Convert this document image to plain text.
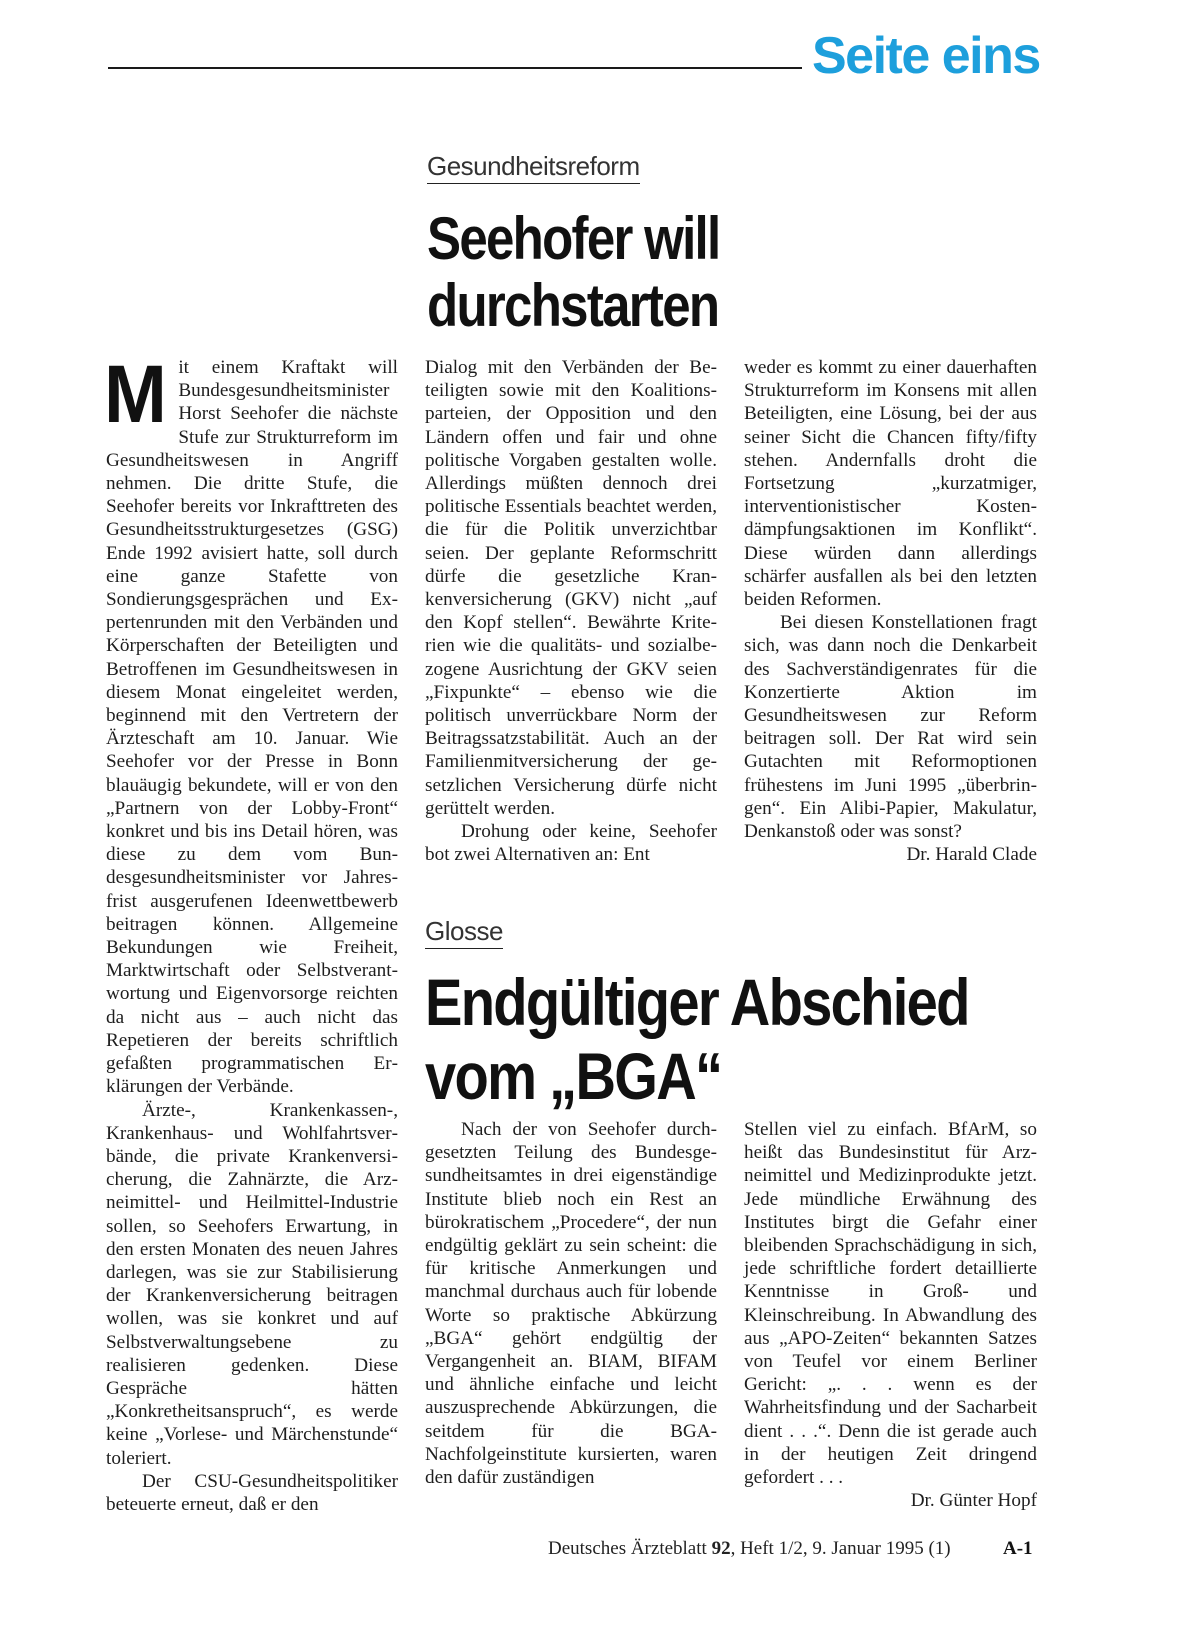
Seite eins
Gesundheitsreform
Seehofer will
durchstarten

Mit einem Kraftakt will Bundesgesundheitsminister Horst Seehofer die nächste Stufe zur Strukturreform im Gesundheitswesen in Angriff nehmen. Die dritte Stufe, die Seehofer bereits vor Inkrafttreten des Gesundheitsstrukturgesetzes (GSG) Ende 1992 avisiert hatte, soll durch eine ganze Stafette von Sondierungsgesprächen und Expertenrunden mit den Verbänden und Körperschaften der Beteiligten und Betroffenen im Gesundheitswesen in diesem Monat eingeleitet werden, beginnend mit den Vertretern der Ärzteschaft am 10. Januar. Wie Seehofer vor der Presse in Bonn blauäugig bekundete, will er von den „Partnern von der Lobby-Front“ konkret und bis ins Detail hören, was diese zu dem vom Bundesgesundheitsminister vor Jahresfrist ausgerufenen Ideenwettbewerb beitragen können. Allgemeine Bekundungen wie Freiheit, Marktwirtschaft oder Selbstverantwortung und Eigenvorsorge reichten da nicht aus – auch nicht das Repetieren der bereits schriftlich gefaßten programmatischen Erklärungen der Verbände.

Ärzte-, Krankenkassen-, Krankenhaus- und Wohlfahrtsverbände, die private Krankenversicherung, die Zahnärzte, die Arzneimittel- und Heilmittel-Industrie sollen, so Seehofers Erwartung, in den ersten Monaten des neuen Jahres darlegen, was sie zur Stabilisierung der Krankenversicherung beitragen wollen, was sie konkret und auf Selbstverwaltungsebene zu realisieren gedenken. Diese Gespräche hätten „Konkretheitsanspruch“, es werde keine „Vorlese- und Märchenstunde“ toleriert.

Der CSU-Gesundheitspolitiker beteuerte erneut, daß er den

Dialog mit den Verbänden der Beteiligten sowie mit den Koalitionsparteien, der Opposition und den Ländern offen und fair und ohne politische Vorgaben gestalten wolle. Allerdings müßten dennoch drei politische Essentials beachtet werden, die für die Politik unverzichtbar seien. Der geplante Reformschritt dürfe die gesetzliche Krankenversicherung (GKV) nicht „auf den Kopf stellen“. Bewährte Kriterien wie die qualitäts- und sozialbezogene Ausrichtung der GKV seien „Fixpunkte“ – ebenso wie die politisch unverrückbare Norm der Beitragssatzstabilität. Auch an der Familienmitversicherung der gesetzlichen Versicherung dürfe nicht gerüttelt werden.

Drohung oder keine, Seehofer bot zwei Alternativen an: Ent

weder es kommt zu einer dauerhaften Strukturreform im Konsens mit allen Beteiligten, eine Lösung, bei der aus seiner Sicht die Chancen fifty/fifty stehen. Andernfalls droht die Fortsetzung „kurzatmiger, interventionistischer Kostendämpfungsaktionen im Konflikt“. Diese würden dann allerdings schärfer ausfallen als bei den letzten beiden Reformen.

Bei diesen Konstellationen fragt sich, was dann noch die Denkarbeit des Sachverständigenrates für die Konzertierte Aktion im Gesundheitswesen zur Reform beitragen soll. Der Rat wird sein Gutachten mit Reformoptionen frühestens im Juni 1995 „überbringen“. Ein Alibi-Papier, Makulatur, Denkanstoß oder was sonst?

Dr. Harald Clade

Glosse
Endgültiger Abschied
vom „BGA“

Nach der von Seehofer durchgesetzten Teilung des Bundesgesundheitsamtes in drei eigenständige Institute blieb noch ein Rest an bürokratischem „Procedere“, der nun endgültig geklärt zu sein scheint: die für kritische Anmerkungen und manchmal durchaus auch für lobende Worte so praktische Abkürzung „BGA“ gehört endgültig der Vergangenheit an. BIAM, BIFAM und ähnliche einfache und leicht auszusprechende Abkürzungen, die seitdem für die BGA-Nachfolgeinstitute kursierten, waren den dafür zuständigen

Stellen viel zu einfach. BfArM, so heißt das Bundesinstitut für Arzneimittel und Medizinprodukte jetzt. Jede mündliche Erwähnung des Institutes birgt die Gefahr einer bleibenden Sprachschädigung in sich, jede schriftliche fordert detaillierte Kenntnisse in Groß- und Kleinschreibung. In Abwandlung des aus „APO-Zeiten“ bekannten Satzes von Teufel vor einem Berliner Gericht: „. . . wenn es der Wahrheitsfindung und der Sacharbeit dient . . .“. Denn die ist gerade auch in der heutigen Zeit dringend gefordert . . .

Dr. Günter Hopf

Deutsches Ärzteblatt 92, Heft 1/2, 9. Januar 1995 (1)	A-1
